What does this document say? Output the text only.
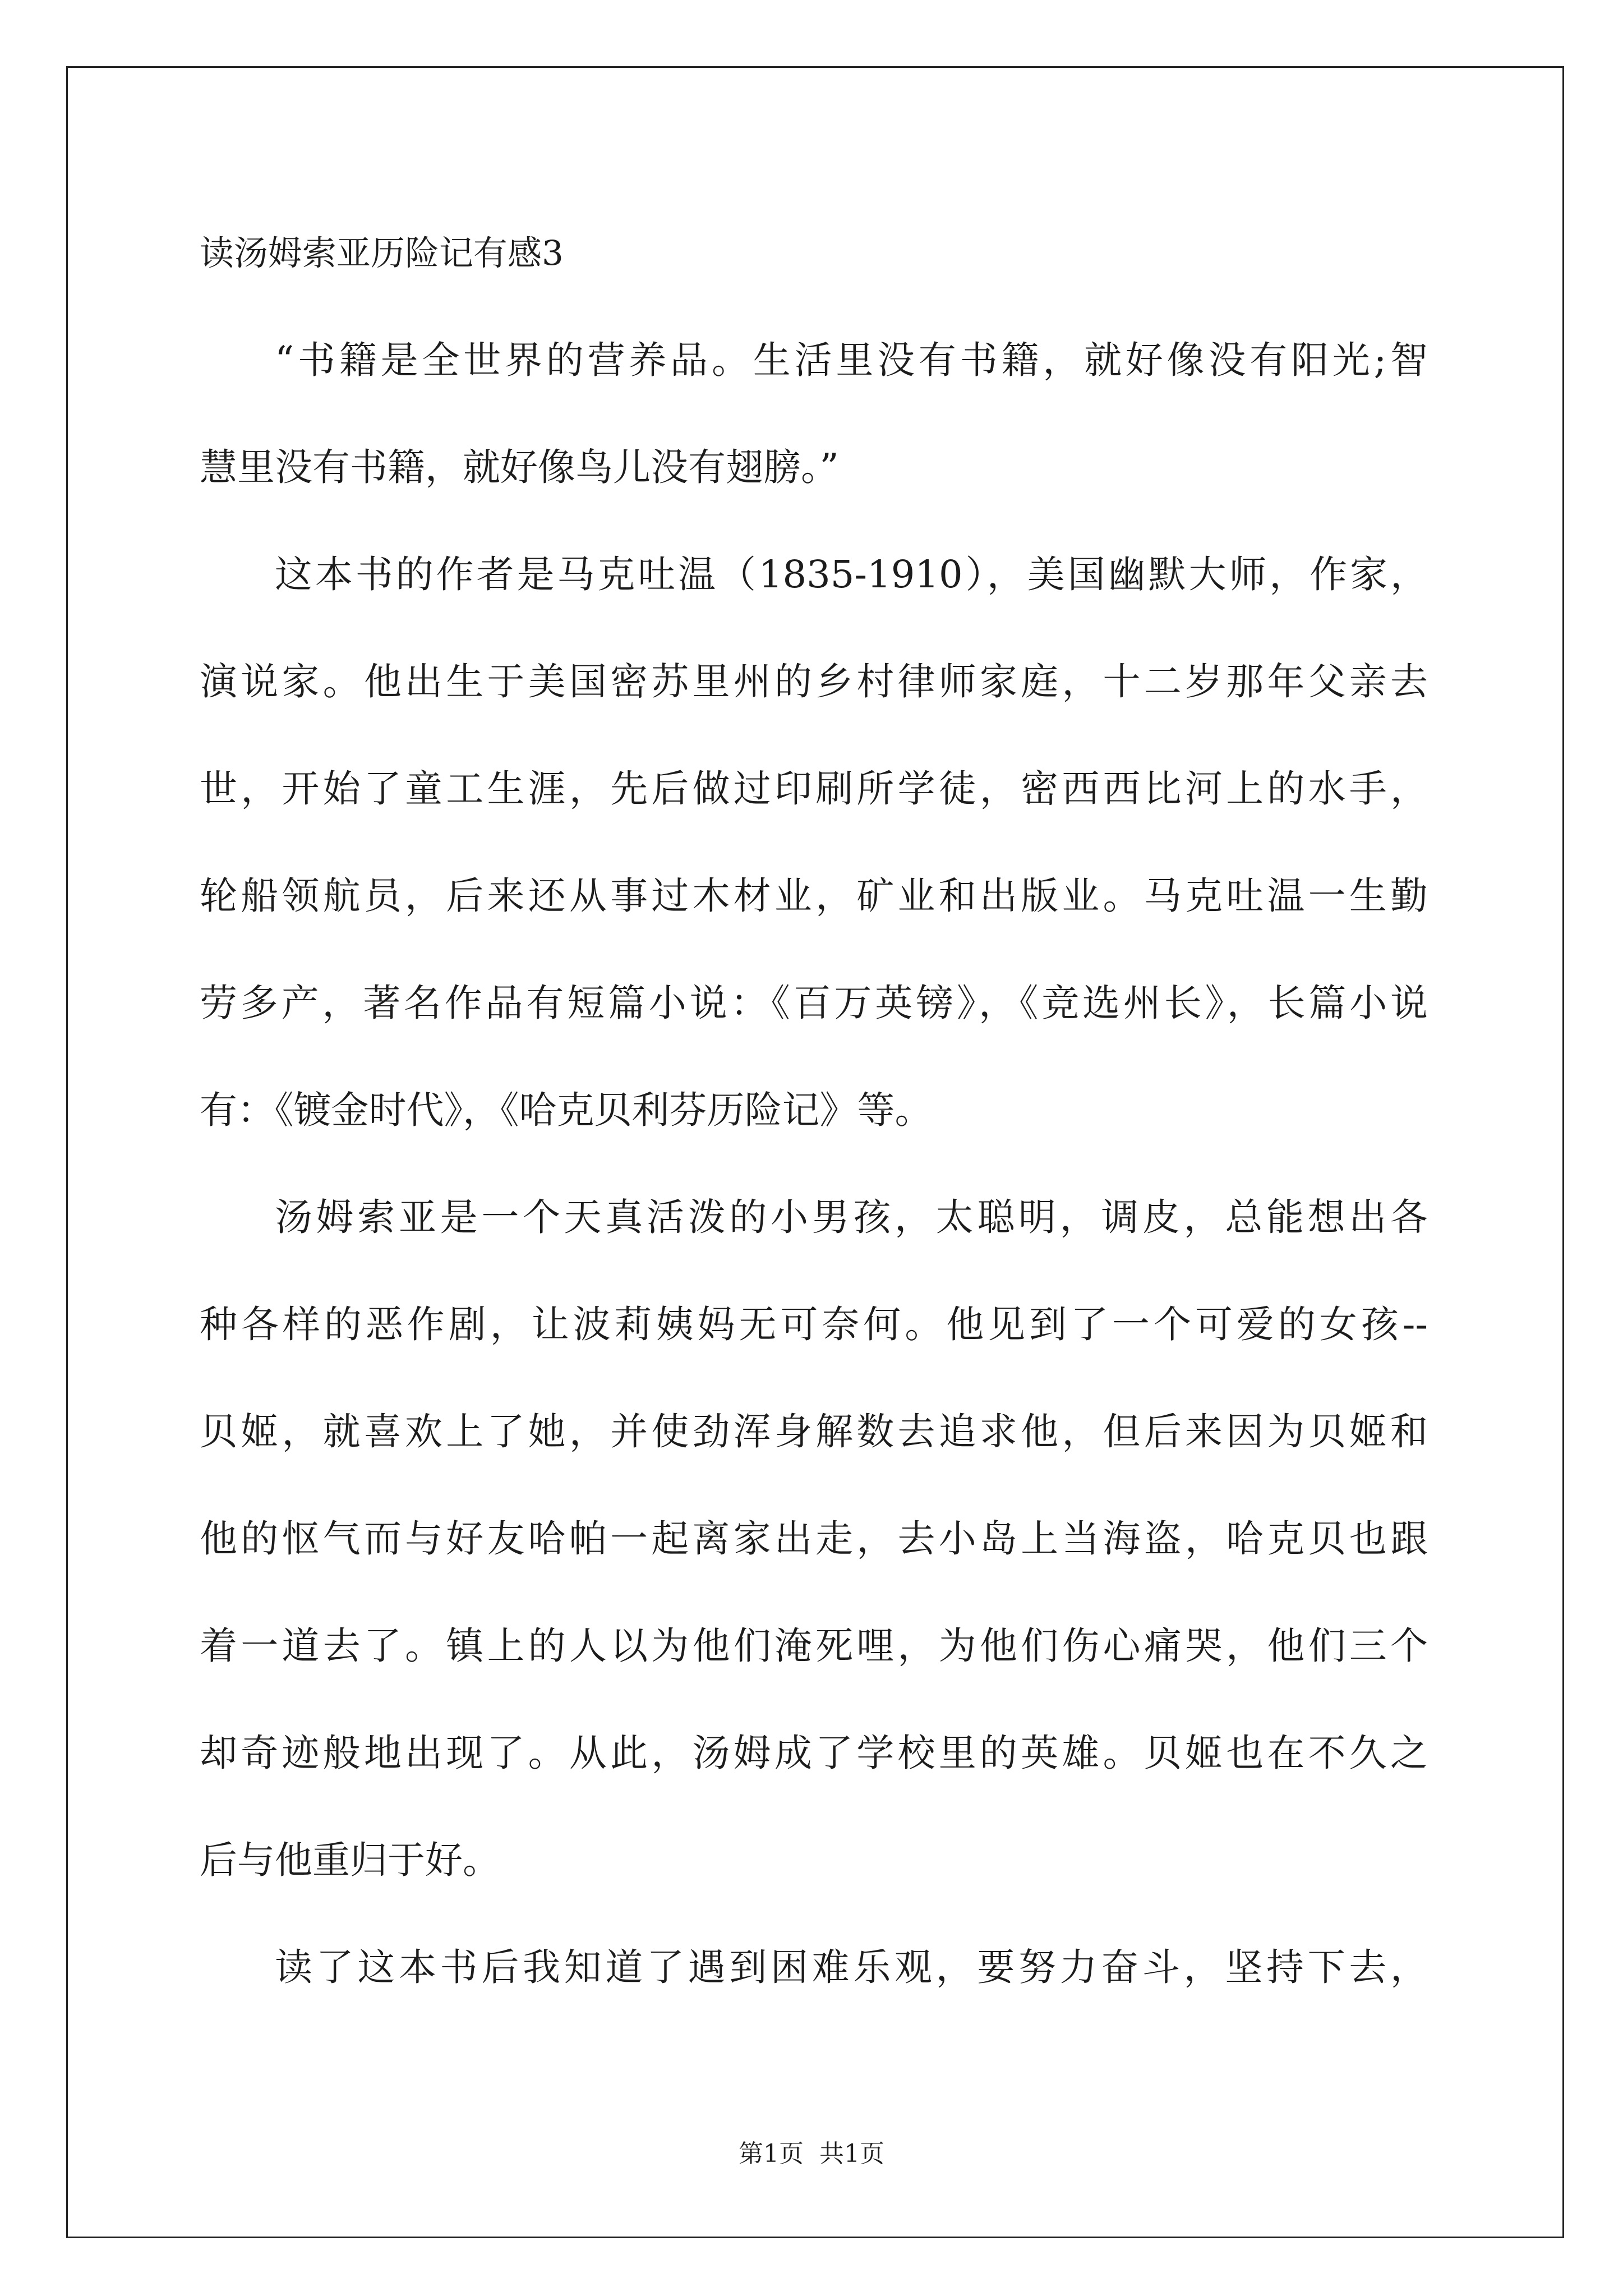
读汤姆索亚历险记有感3
“书籍是全世界的营养品。生活里没有书籍，就好像没有阳光;智
慧里没有书籍，就好像鸟儿没有翅膀。”
这本书的作者是马克吐温（1835-1910），美国幽默大师，作家，
演说家。他出生于美国密苏里州的乡村律师家庭，十二岁那年父亲去
世，开始了童工生涯，先后做过印刷所学徒，密西西比河上的水手，
轮船领航员，后来还从事过木材业，矿业和出版业。马克吐温一生勤
劳多产，著名作品有短篇小说：《百万英镑》，《竞选州长》，长篇小说
有：《镀金时代》，《哈克贝利芬历险记》等。
汤姆索亚是一个天真活泼的小男孩，太聪明，调皮，总能想出各
种各样的恶作剧，让波莉姨妈无可奈何。他见到了一个可爱的女孩--
贝姬，就喜欢上了她，并使劲浑身解数去追求他，但后来因为贝姬和
他的怄气而与好友哈帕一起离家出走，去小岛上当海盗，哈克贝也跟
着一道去了。镇上的人以为他们淹死哩，为他们伤心痛哭，他们三个
却奇迹般地出现了。从此，汤姆成了学校里的英雄。贝姬也在不久之
后与他重归于好。
读了这本书后我知道了遇到困难乐观，要努力奋斗，坚持下去，
第1页  共1页
